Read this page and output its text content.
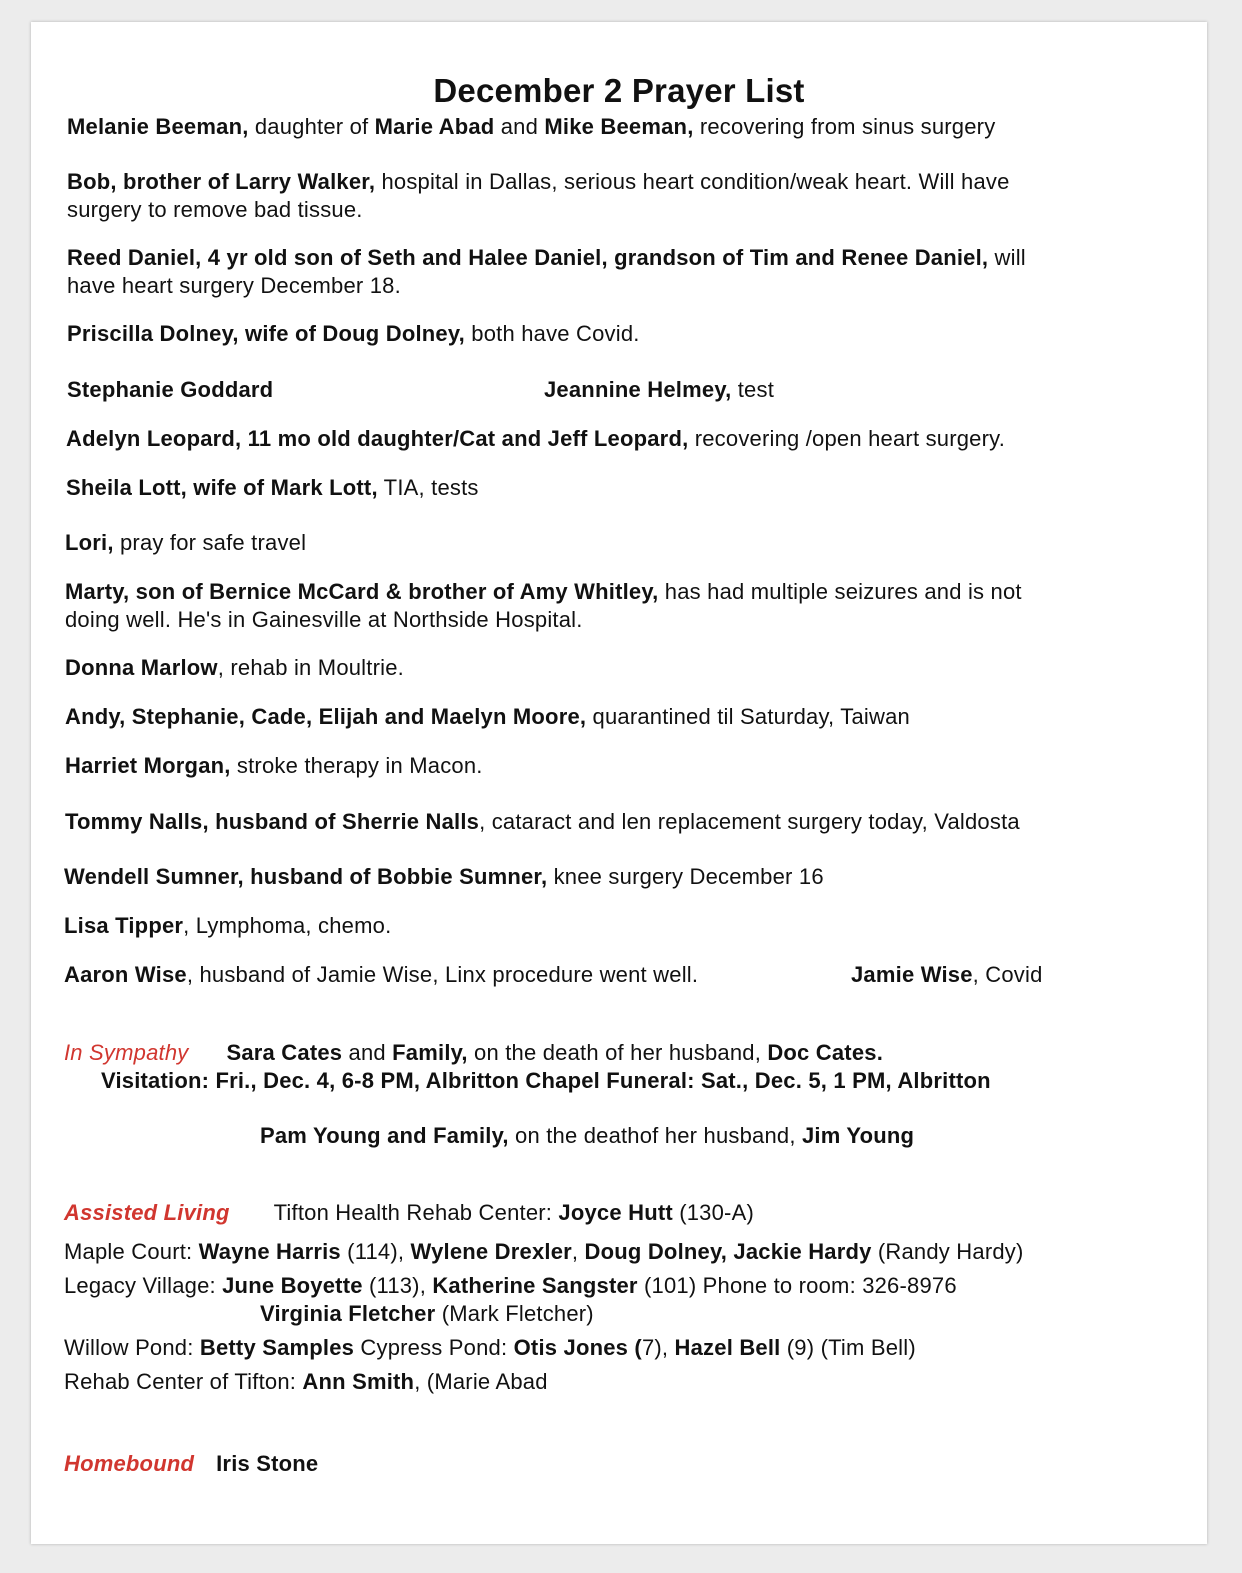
December 2 Prayer List
Melanie Beeman, daughter of Marie Abad and Mike Beeman, recovering from sinus surgery
Bob, brother of Larry Walker, hospital in Dallas, serious heart condition/weak heart. Will have
surgery to remove bad tissue.
Reed Daniel, 4 yr old son of Seth and Halee Daniel, grandson of Tim and Renee Daniel, will
have heart surgery December 18.
Priscilla Dolney, wife of Doug Dolney, both have Covid.
Stephanie Goddard	Jeannine Helmey, test
Adelyn Leopard, 11 mo old daughter/Cat and Jeff Leopard, recovering /open heart surgery.
Sheila Lott, wife of Mark Lott, TIA, tests
Lori, pray for safe travel
Marty, son of Bernice McCard & brother of Amy Whitley, has had multiple seizures and is not
doing well. He's in Gainesville at Northside Hospital.
Donna Marlow, rehab in Moultrie.
Andy, Stephanie, Cade, Elijah and Maelyn Moore, quarantined til Saturday, Taiwan
Harriet Morgan, stroke therapy in Macon.
Tommy Nalls, husband of Sherrie Nalls, cataract and len replacement surgery today, Valdosta
Wendell Sumner, husband of Bobbie Sumner, knee surgery December 16
Lisa Tipper, Lymphoma, chemo.
Aaron Wise, husband of Jamie Wise, Linx procedure went well.	Jamie Wise, Covid
In Sympathy Sara Cates and Family, on the death of her husband, Doc Cates.
Visitation: Fri., Dec. 4, 6-8 PM, Albritton Chapel Funeral: Sat., Dec. 5, 1 PM, Albritton
Pam Young and Family, on the deathof her husband, Jim Young
Assisted Living Tifton Health Rehab Center: Joyce Hutt (130-A)
Maple Court: Wayne Harris (114), Wylene Drexler, Doug Dolney, Jackie Hardy (Randy Hardy)
Legacy Village: June Boyette (113), Katherine Sangster (101) Phone to room: 326-8976
Virginia Fletcher (Mark Fletcher)
Willow Pond: Betty Samples Cypress Pond: Otis Jones (7), Hazel Bell (9) (Tim Bell)
Rehab Center of Tifton: Ann Smith, (Marie Abad
Homebound Iris Stone
